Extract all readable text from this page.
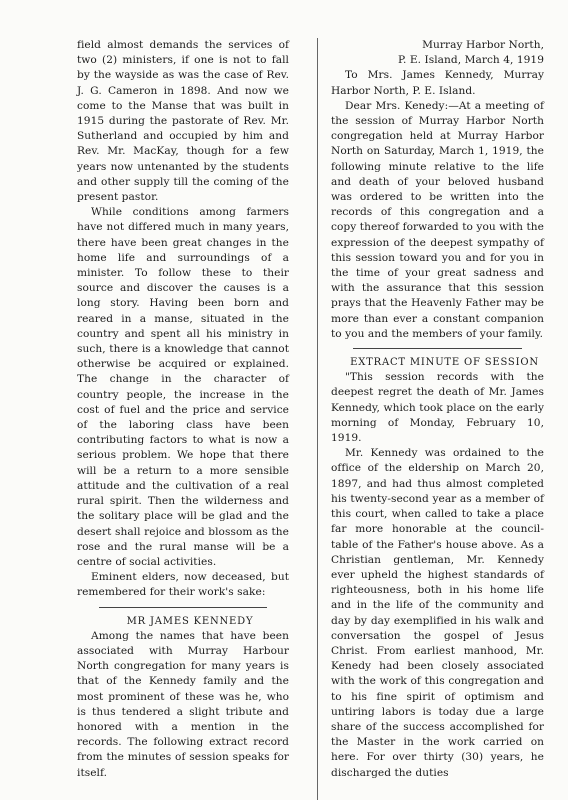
field almost demands the services of two (2) ministers, if one is not to fall by the wayside as was the case of Rev. J. G. Cameron in 1898. And now we come to the Manse that was built in 1915 during the pastorate of Rev. Mr. Sutherland and occupied by him and Rev. Mr. MacKay, though for a few years now untenanted by the students and other supply till the coming of the present pastor.

While conditions among farmers have not differed much in many years, there have been great changes in the home life and surroundings of a minister. To follow these to their source and discover the causes is a long story. Having been born and reared in a manse, situated in the country and spent all his ministry in such, there is a knowledge that cannot otherwise be acquired or explained. The change in the character of country people, the increase in the cost of fuel and the price and service of the laboring class have been contributing factors to what is now a serious problem. We hope that there will be a return to a more sensible attitude and the cultivation of a real rural spirit. Then the wilderness and the solitary place will be glad and the desert shall rejoice and blossom as the rose and the rural manse will be a centre of social activities.

Eminent elders, now deceased, but remembered for their work's sake:

MR JAMES KENNEDY

Among the names that have been associated with Murray Harbour North congregation for many years is that of the Kennedy family and the most prominent of these was he, who is thus tendered a slight tribute and honored with a mention in the records. The following extract record from the minutes of session speaks for itself.

Murray Harbor North,

P. E. Island, March 4, 1919

To Mrs. James Kennedy, Murray Harbor North, P. E. Island.

Dear Mrs. Kenedy:—At a meeting of the session of Murray Harbor North congregation held at Murray Harbor North on Saturday, March 1, 1919, the following minute relative to the life and death of your beloved husband was ordered to be written into the records of this congregation and a copy thereof forwarded to you with the expression of the deepest sympathy of this session toward you and for you in the time of your great sadness and with the assurance that this session prays that the Heavenly Father may be more than ever a constant companion to you and the members of your family.

EXTRACT MINUTE OF SESSION

"This session records with the deepest regret the death of Mr. James Kennedy, which took place on the early morning of Monday, February 10, 1919.

Mr. Kennedy was ordained to the office of the eldership on March 20, 1897, and had thus almost completed his twenty-second year as a member of this court, when called to take a place far more honorable at the council-table of the Father's house above. As a Christian gentleman, Mr. Kennedy ever upheld the highest standards of righteousness, both in his home life and in the life of the community and day by day exemplified in his walk and conversation the gospel of Jesus Christ. From earliest manhood, Mr. Kenedy had been closely associated with the work of this congregation and to his fine spirit of optimism and untiring labors is today due a large share of the success accomplished for the Master in the work carried on here. For over thirty (30) years, he discharged the duties
